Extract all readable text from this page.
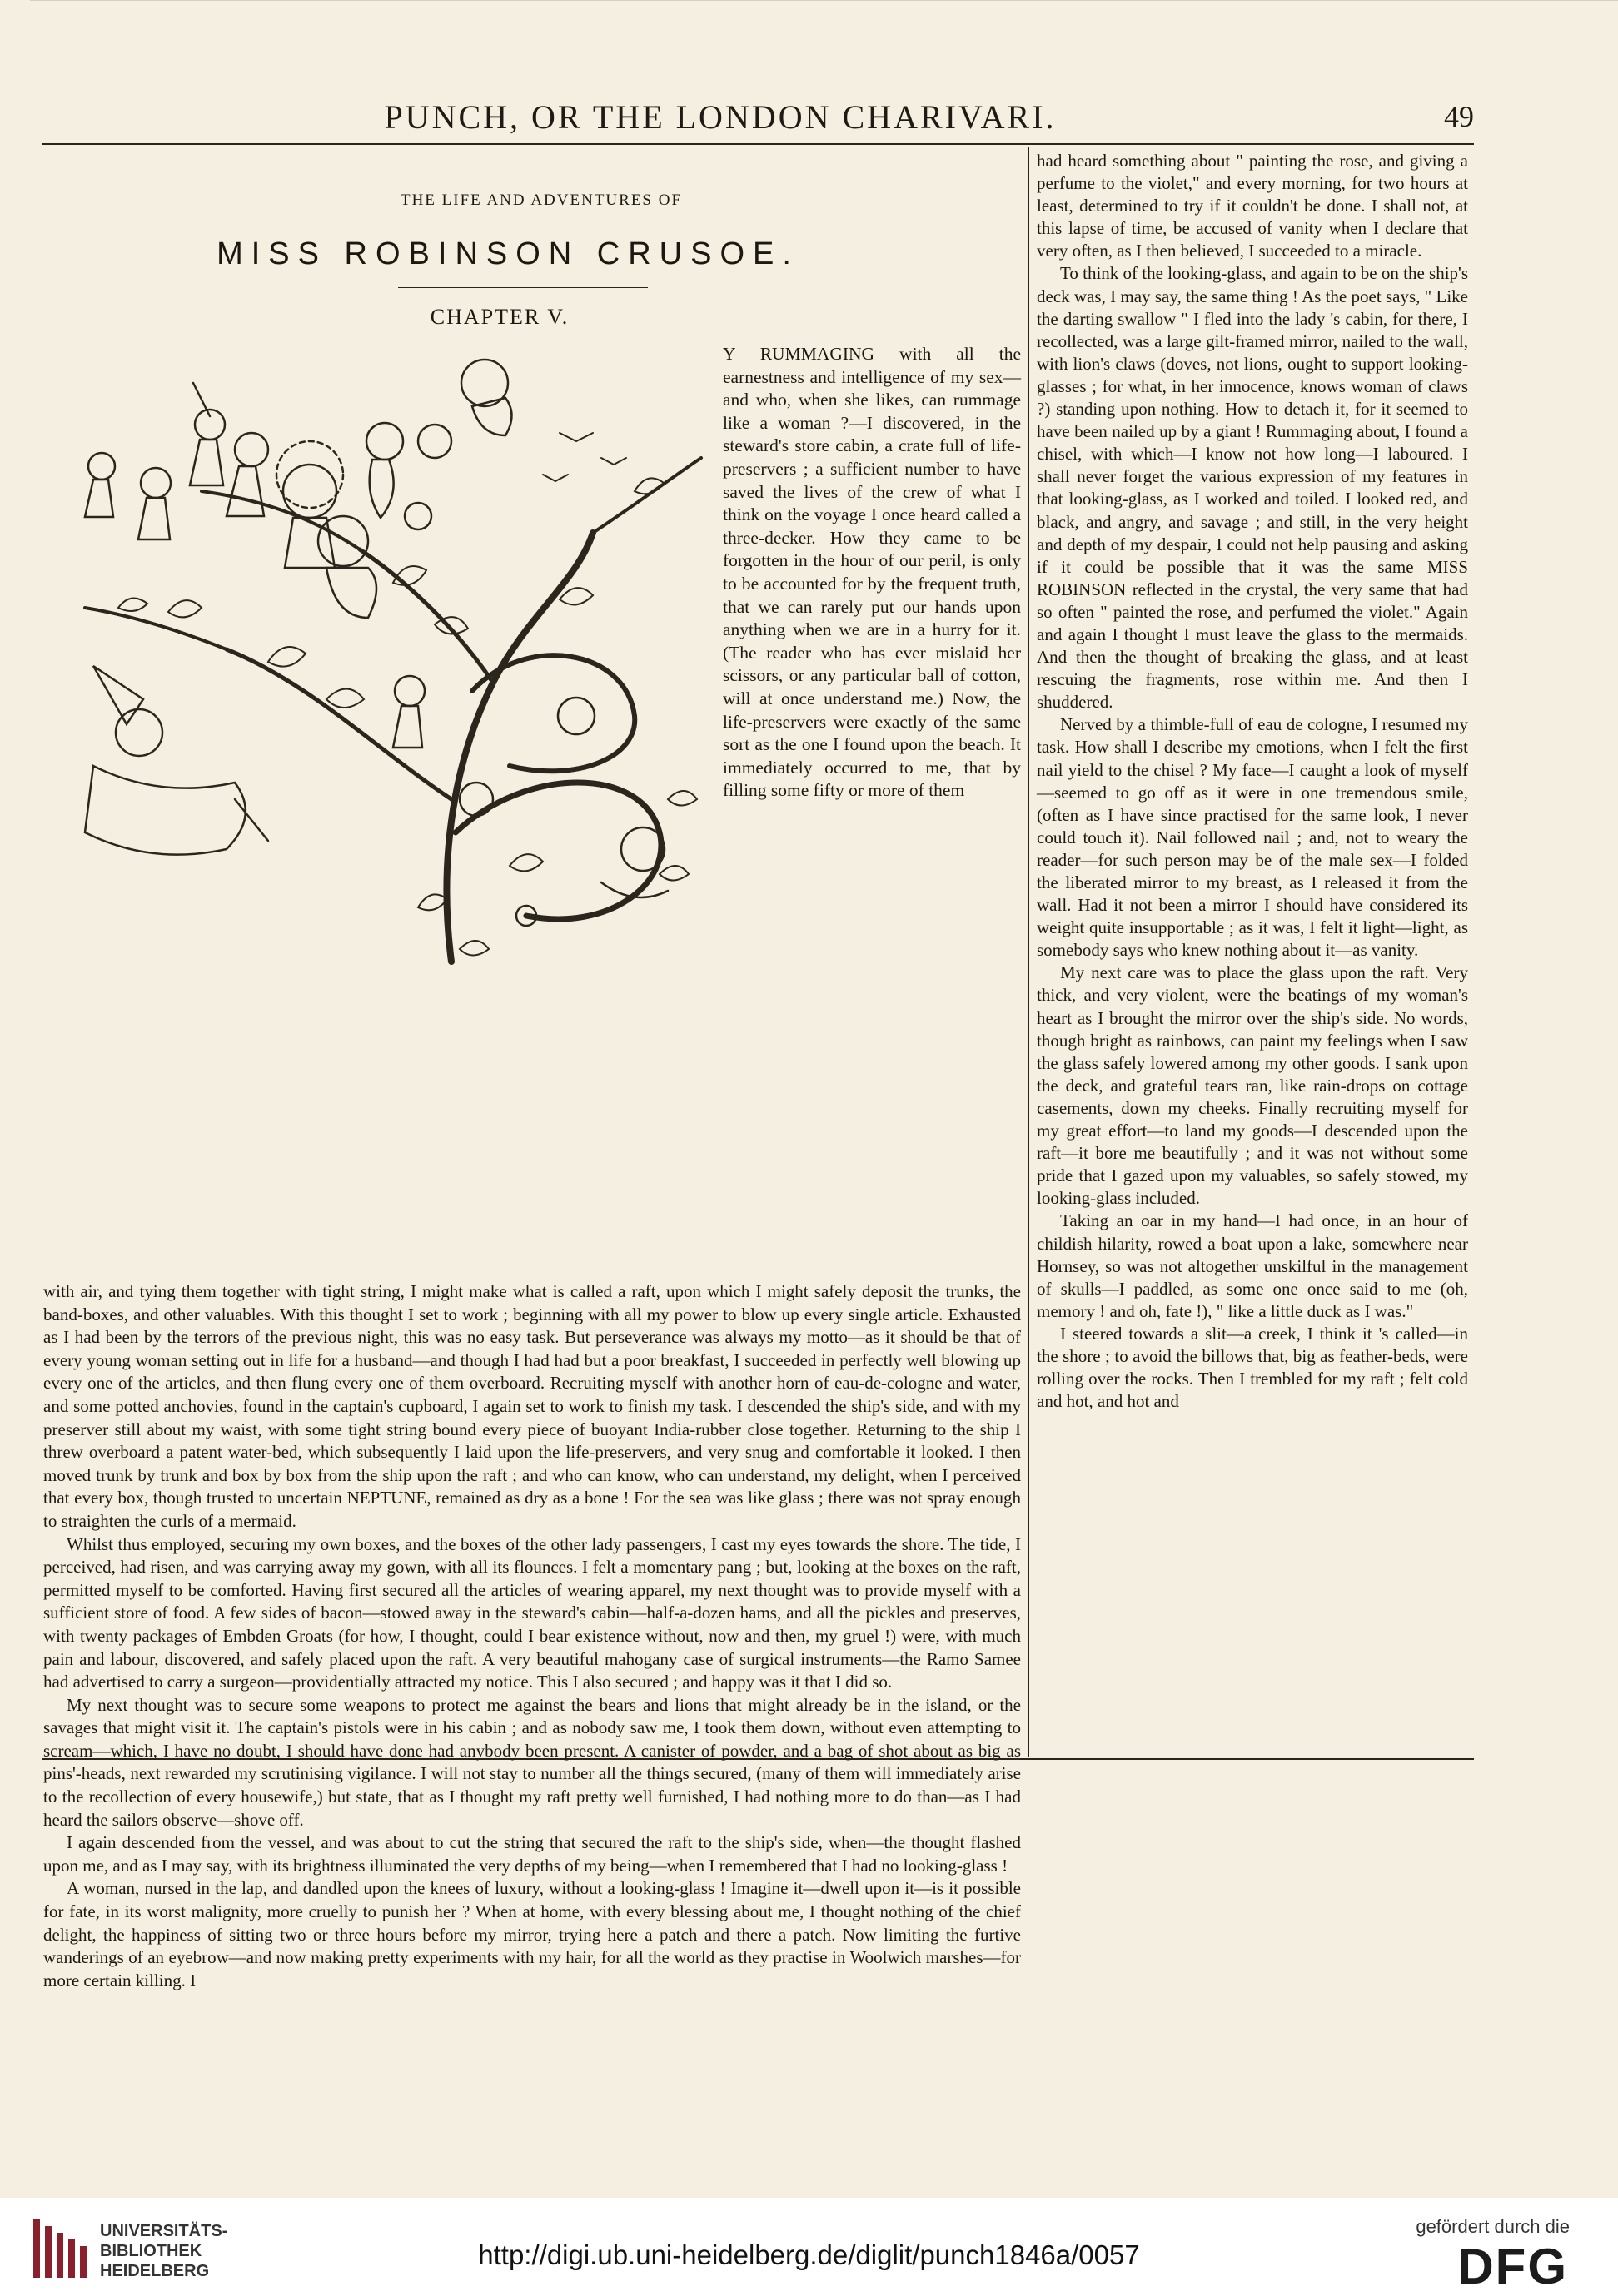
PUNCH, OR THE LONDON CHARIVARI.	49
THE LIFE AND ADVENTURES OF
MISS ROBINSON CRUSOE.
CHAPTER V.

Y RUMMAGING with all the earnestness and intelligence of my sex—and who, when she likes, can rummage like a woman ?—I discovered, in the steward's store cabin, a crate full of life-preservers ; a sufficient number to have saved the lives of the crew of what I think on the voyage I once heard called a three-decker. How they came to be forgotten in the hour of our peril, is only to be accounted for by the frequent truth, that we can rarely put our hands upon anything when we are in a hurry for it. (The reader who has ever mislaid her scissors, or any particular ball of cotton, will at once understand me.) Now, the life-preservers were exactly of the same sort as the one I found upon the beach. It immediately occurred to me, that by filling some fifty or more of them

with air, and tying them together with tight string, I might make what is called a raft, upon which I might safely deposit the trunks, the band-boxes, and other valuables. With this thought I set to work ; beginning with all my power to blow up every single article. Exhausted as I had been by the terrors of the previous night, this was no easy task. But perseverance was always my motto—as it should be that of every young woman setting out in life for a husband—and though I had had but a poor breakfast, I succeeded in perfectly well blowing up every one of the articles, and then flung every one of them overboard. Recruiting myself with another horn of eau-de-cologne and water, and some potted anchovies, found in the captain's cupboard, I again set to work to finish my task. I descended the ship's side, and with my preserver still about my waist, with some tight string bound every piece of buoyant India-rubber close together. Returning to the ship I threw overboard a patent water-bed, which subsequently I laid upon the life-preservers, and very snug and comfortable it looked. I then moved trunk by trunk and box by box from the ship upon the raft ; and who can know, who can understand, my delight, when I perceived that every box, though trusted to uncertain NEPTUNE, remained as dry as a bone ! For the sea was like glass ; there was not spray enough to straighten the curls of a mermaid.

Whilst thus employed, securing my own boxes, and the boxes of the other lady passengers, I cast my eyes towards the shore. The tide, I perceived, had risen, and was carrying away my gown, with all its flounces. I felt a momentary pang ; but, looking at the boxes on the raft, permitted myself to be comforted. Having first secured all the articles of wearing apparel, my next thought was to provide myself with a sufficient store of food. A few sides of bacon—stowed away in the steward's cabin—half-a-dozen hams, and all the pickles and preserves, with twenty packages of Embden Groats (for how, I thought, could I bear existence without, now and then, my gruel !) were, with much pain and labour, discovered, and safely placed upon the raft. A very beautiful mahogany case of surgical instruments—the Ramo Samee had advertised to carry a surgeon—providentially attracted my notice. This I also secured ; and happy was it that I did so.

My next thought was to secure some weapons to protect me against the bears and lions that might already be in the island, or the savages that might visit it. The captain's pistols were in his cabin ; and as nobody saw me, I took them down, without even attempting to scream—which, I have no doubt, I should have done had anybody been present. A canister of powder, and a bag of shot about as big as pins'-heads, next rewarded my scrutinising vigilance. I will not stay to number all the things secured, (many of them will immediately arise to the recollection of every housewife,) but state, that as I thought my raft pretty well furnished, I had nothing more to do than—as I had heard the sailors observe—shove off.

I again descended from the vessel, and was about to cut the string that secured the raft to the ship's side, when—the thought flashed upon me, and as I may say, with its brightness illuminated the very depths of my being—when I remembered that I had no looking-glass !

A woman, nursed in the lap, and dandled upon the knees of luxury, without a looking-glass ! Imagine it—dwell upon it—is it possible for fate, in its worst malignity, more cruelly to punish her ? When at home, with every blessing about me, I thought nothing of the chief delight, the happiness of sitting two or three hours before my mirror, trying here a patch and there a patch. Now limiting the furtive wanderings of an eyebrow—and now making pretty experiments with my hair, for all the world as they practise in Woolwich marshes—for more certain killing. I

had heard something about " painting the rose, and giving a perfume to the violet," and every morning, for two hours at least, determined to try if it couldn't be done. I shall not, at this lapse of time, be accused of vanity when I declare that very often, as I then believed, I succeeded to a miracle.

To think of the looking-glass, and again to be on the ship's deck was, I may say, the same thing ! As the poet says, " Like the darting swallow " I fled into the lady 's cabin, for there, I recollected, was a large gilt-framed mirror, nailed to the wall, with lion's claws (doves, not lions, ought to support looking-glasses ; for what, in her innocence, knows woman of claws ?) standing upon nothing. How to detach it, for it seemed to have been nailed up by a giant ! Rummaging about, I found a chisel, with which—I know not how long—I laboured. I shall never forget the various expression of my features in that looking-glass, as I worked and toiled. I looked red, and black, and angry, and savage ; and still, in the very height and depth of my despair, I could not help pausing and asking if it could be possible that it was the same MISS ROBINSON reflected in the crystal, the very same that had so often " painted the rose, and perfumed the violet." Again and again I thought I must leave the glass to the mermaids. And then the thought of breaking the glass, and at least rescuing the fragments, rose within me. And then I shuddered.

Nerved by a thimble-full of eau de cologne, I resumed my task. How shall I describe my emotions, when I felt the first nail yield to the chisel ? My face—I caught a look of myself—seemed to go off as it were in one tremendous smile, (often as I have since practised for the same look, I never could touch it). Nail followed nail ; and, not to weary the reader—for such person may be of the male sex—I folded the liberated mirror to my breast, as I released it from the wall. Had it not been a mirror I should have considered its weight quite insupportable ; as it was, I felt it light—light, as somebody says who knew nothing about it—as vanity.

My next care was to place the glass upon the raft. Very thick, and very violent, were the beatings of my woman's heart as I brought the mirror over the ship's side. No words, though bright as rainbows, can paint my feelings when I saw the glass safely lowered among my other goods. I sank upon the deck, and grateful tears ran, like rain-drops on cottage casements, down my cheeks. Finally recruiting myself for my great effort—to land my goods—I descended upon the raft—it bore me beautifully ; and it was not without some pride that I gazed upon my valuables, so safely stowed, my looking-glass included.

Taking an oar in my hand—I had once, in an hour of childish hilarity, rowed a boat upon a lake, somewhere near Hornsey, so was not altogether unskilful in the management of skulls—I paddled, as some one once said to me (oh, memory ! and oh, fate !), " like a little duck as I was."

I steered towards a slit—a creek, I think it 's called—in the shore ; to avoid the billows that, big as feather-beds, were rolling over the rocks. Then I trembled for my raft ; felt cold and hot, and hot and

UNIVERSITÄTS-
BIBLIOTHEK
HEIDELBERG
http://digi.ub.uni-heidelberg.de/diglit/punch1846a/0057
gefördert durch die
DFG
